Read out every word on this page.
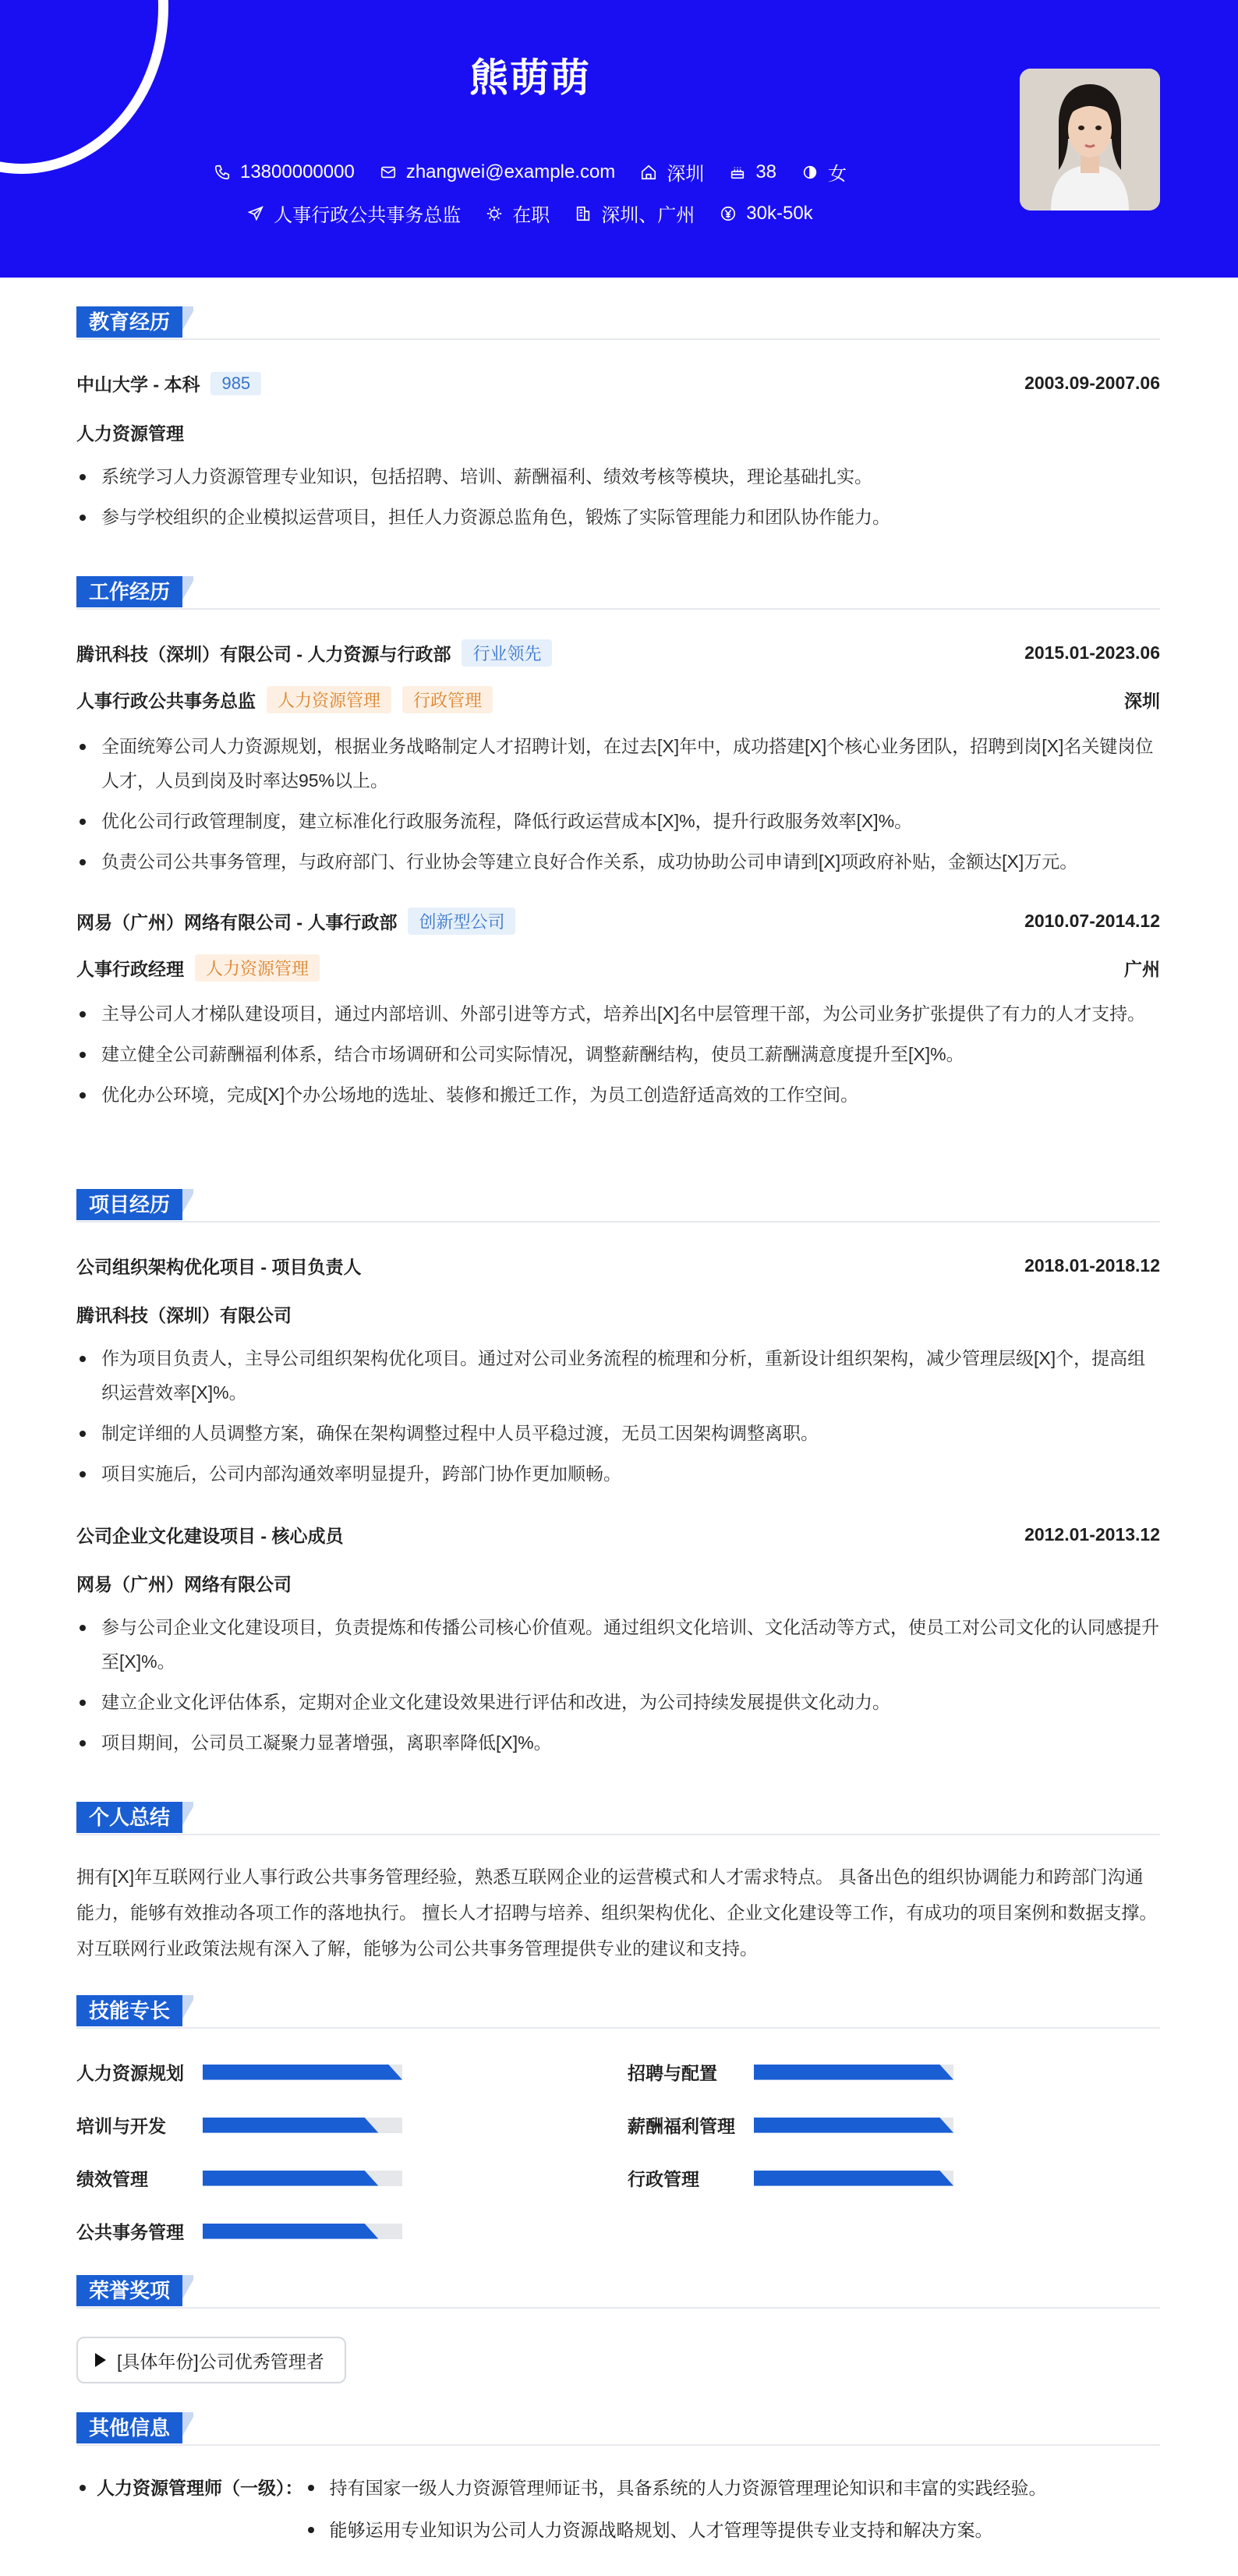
熊萌萌
13800000000	zhangwei@example.com	深圳	38	女
人事行政公共事务总监	在职	深圳、广州	30k-50k
教育经历
中山大学 - 本科	985	2003.09-2007.06
人力资源管理
系统学习人力资源管理专业知识，包括招聘、培训、薪酬福利、绩效考核等模块，理论基础扎实。
参与学校组织的企业模拟运营项目，担任人力资源总监角色，锻炼了实际管理能力和团队协作能力。
工作经历
腾讯科技（深圳）有限公司 - 人力资源与行政部	行业领先	2015.01-2023.06
人事行政公共事务总监	人力资源管理	行政管理	深圳
全面统筹公司人力资源规划，根据业务战略制定人才招聘计划，在过去[X]年中，成功搭建[X]个核心业务团队，招聘到岗[X]名关键岗位人才，人员到岗及时率达95%以上。
优化公司行政管理制度，建立标准化行政服务流程，降低行政运营成本[X]%，提升行政服务效率[X]%。
负责公司公共事务管理，与政府部门、行业协会等建立良好合作关系，成功协助公司申请到[X]项政府补贴，金额达[X]万元。
网易（广州）网络有限公司 - 人事行政部	创新型公司	2010.07-2014.12
人事行政经理	人力资源管理	广州
主导公司人才梯队建设项目，通过内部培训、外部引进等方式，培养出[X]名中层管理干部，为公司业务扩张提供了有力的人才支持。
建立健全公司薪酬福利体系，结合市场调研和公司实际情况，调整薪酬结构，使员工薪酬满意度提升至[X]%。
优化办公环境，完成[X]个办公场地的选址、装修和搬迁工作，为员工创造舒适高效的工作空间。
项目经历
公司组织架构优化项目 - 项目负责人	2018.01-2018.12
腾讯科技（深圳）有限公司
作为项目负责人，主导公司组织架构优化项目。通过对公司业务流程的梳理和分析，重新设计组织架构，减少管理层级[X]个，提高组织运营效率[X]%。
制定详细的人员调整方案，确保在架构调整过程中人员平稳过渡，无员工因架构调整离职。
项目实施后，公司内部沟通效率明显提升，跨部门协作更加顺畅。
公司企业文化建设项目 - 核心成员	2012.01-2013.12
网易（广州）网络有限公司
参与公司企业文化建设项目，负责提炼和传播公司核心价值观。通过组织文化培训、文化活动等方式，使员工对公司文化的认同感提升至[X]%。
建立企业文化评估体系，定期对企业文化建设效果进行评估和改进，为公司持续发展提供文化动力。
项目期间，公司员工凝聚力显著增强，离职率降低[X]%。
个人总结
拥有[X]年互联网行业人事行政公共事务管理经验，熟悉互联网企业的运营模式和人才需求特点。 具备出色的组织协调能力和跨部门沟通能力，能够有效推动各项工作的落地执行。 擅长人才招聘与培养、组织架构优化、企业文化建设等工作，有成功的项目案例和数据支撑。 对互联网行业政策法规有深入了解，能够为公司公共事务管理提供专业的建议和支持。
技能专长
人力资源规划	招聘与配置
培训与开发	薪酬福利管理
绩效管理	行政管理
公共事务管理
荣誉奖项
[具体年份]公司优秀管理者
其他信息
人力资源管理师（一级）：	持有国家一级人力资源管理师证书，具备系统的人力资源管理理论知识和丰富的实践经验。
能够运用专业知识为公司人力资源战略规划、人才管理等提供专业支持和解决方案。
